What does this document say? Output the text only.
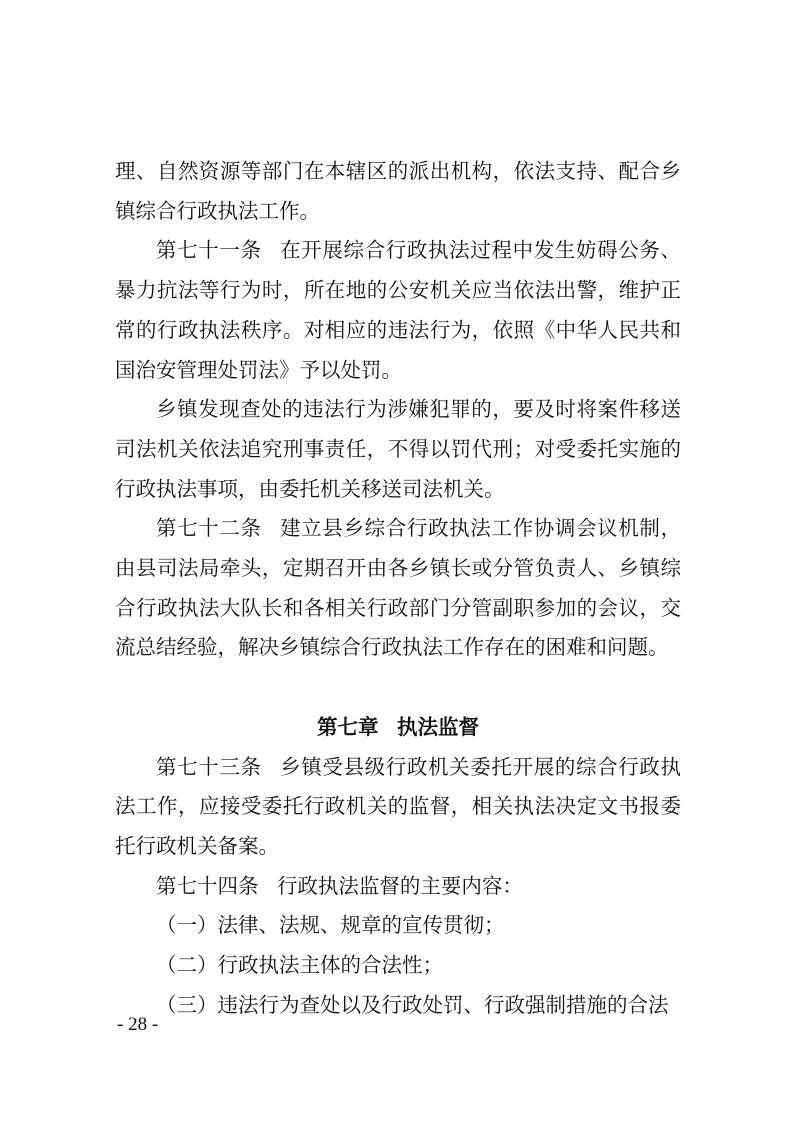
理、自然资源等部门在本辖区的派出机构，依法支持、配合乡镇综合行政执法工作。

第七十一条 在开展综合行政执法过程中发生妨碍公务、暴力抗法等行为时，所在地的公安机关应当依法出警，维护正常的行政执法秩序。对相应的违法行为，依照《中华人民共和国治安管理处罚法》予以处罚。

乡镇发现查处的违法行为涉嫌犯罪的，要及时将案件移送司法机关依法追究刑事责任，不得以罚代刑；对受委托实施的行政执法事项，由委托机关移送司法机关。

第七十二条 建立县乡综合行政执法工作协调会议机制，由县司法局牵头，定期召开由各乡镇长或分管负责人、乡镇综合行政执法大队长和各相关行政部门分管副职参加的会议，交流总结经验，解决乡镇综合行政执法工作存在的困难和问题。

第七章 执法监督

第七十三条 乡镇受县级行政机关委托开展的综合行政执法工作，应接受委托行政机关的监督，相关执法决定文书报委托行政机关备案。

第七十四条 行政执法监督的主要内容：

（一）法律、法规、规章的宣传贯彻；

（二）行政执法主体的合法性；

（三）违法行为查处以及行政处罚、行政强制措施的合法

- 28 -
